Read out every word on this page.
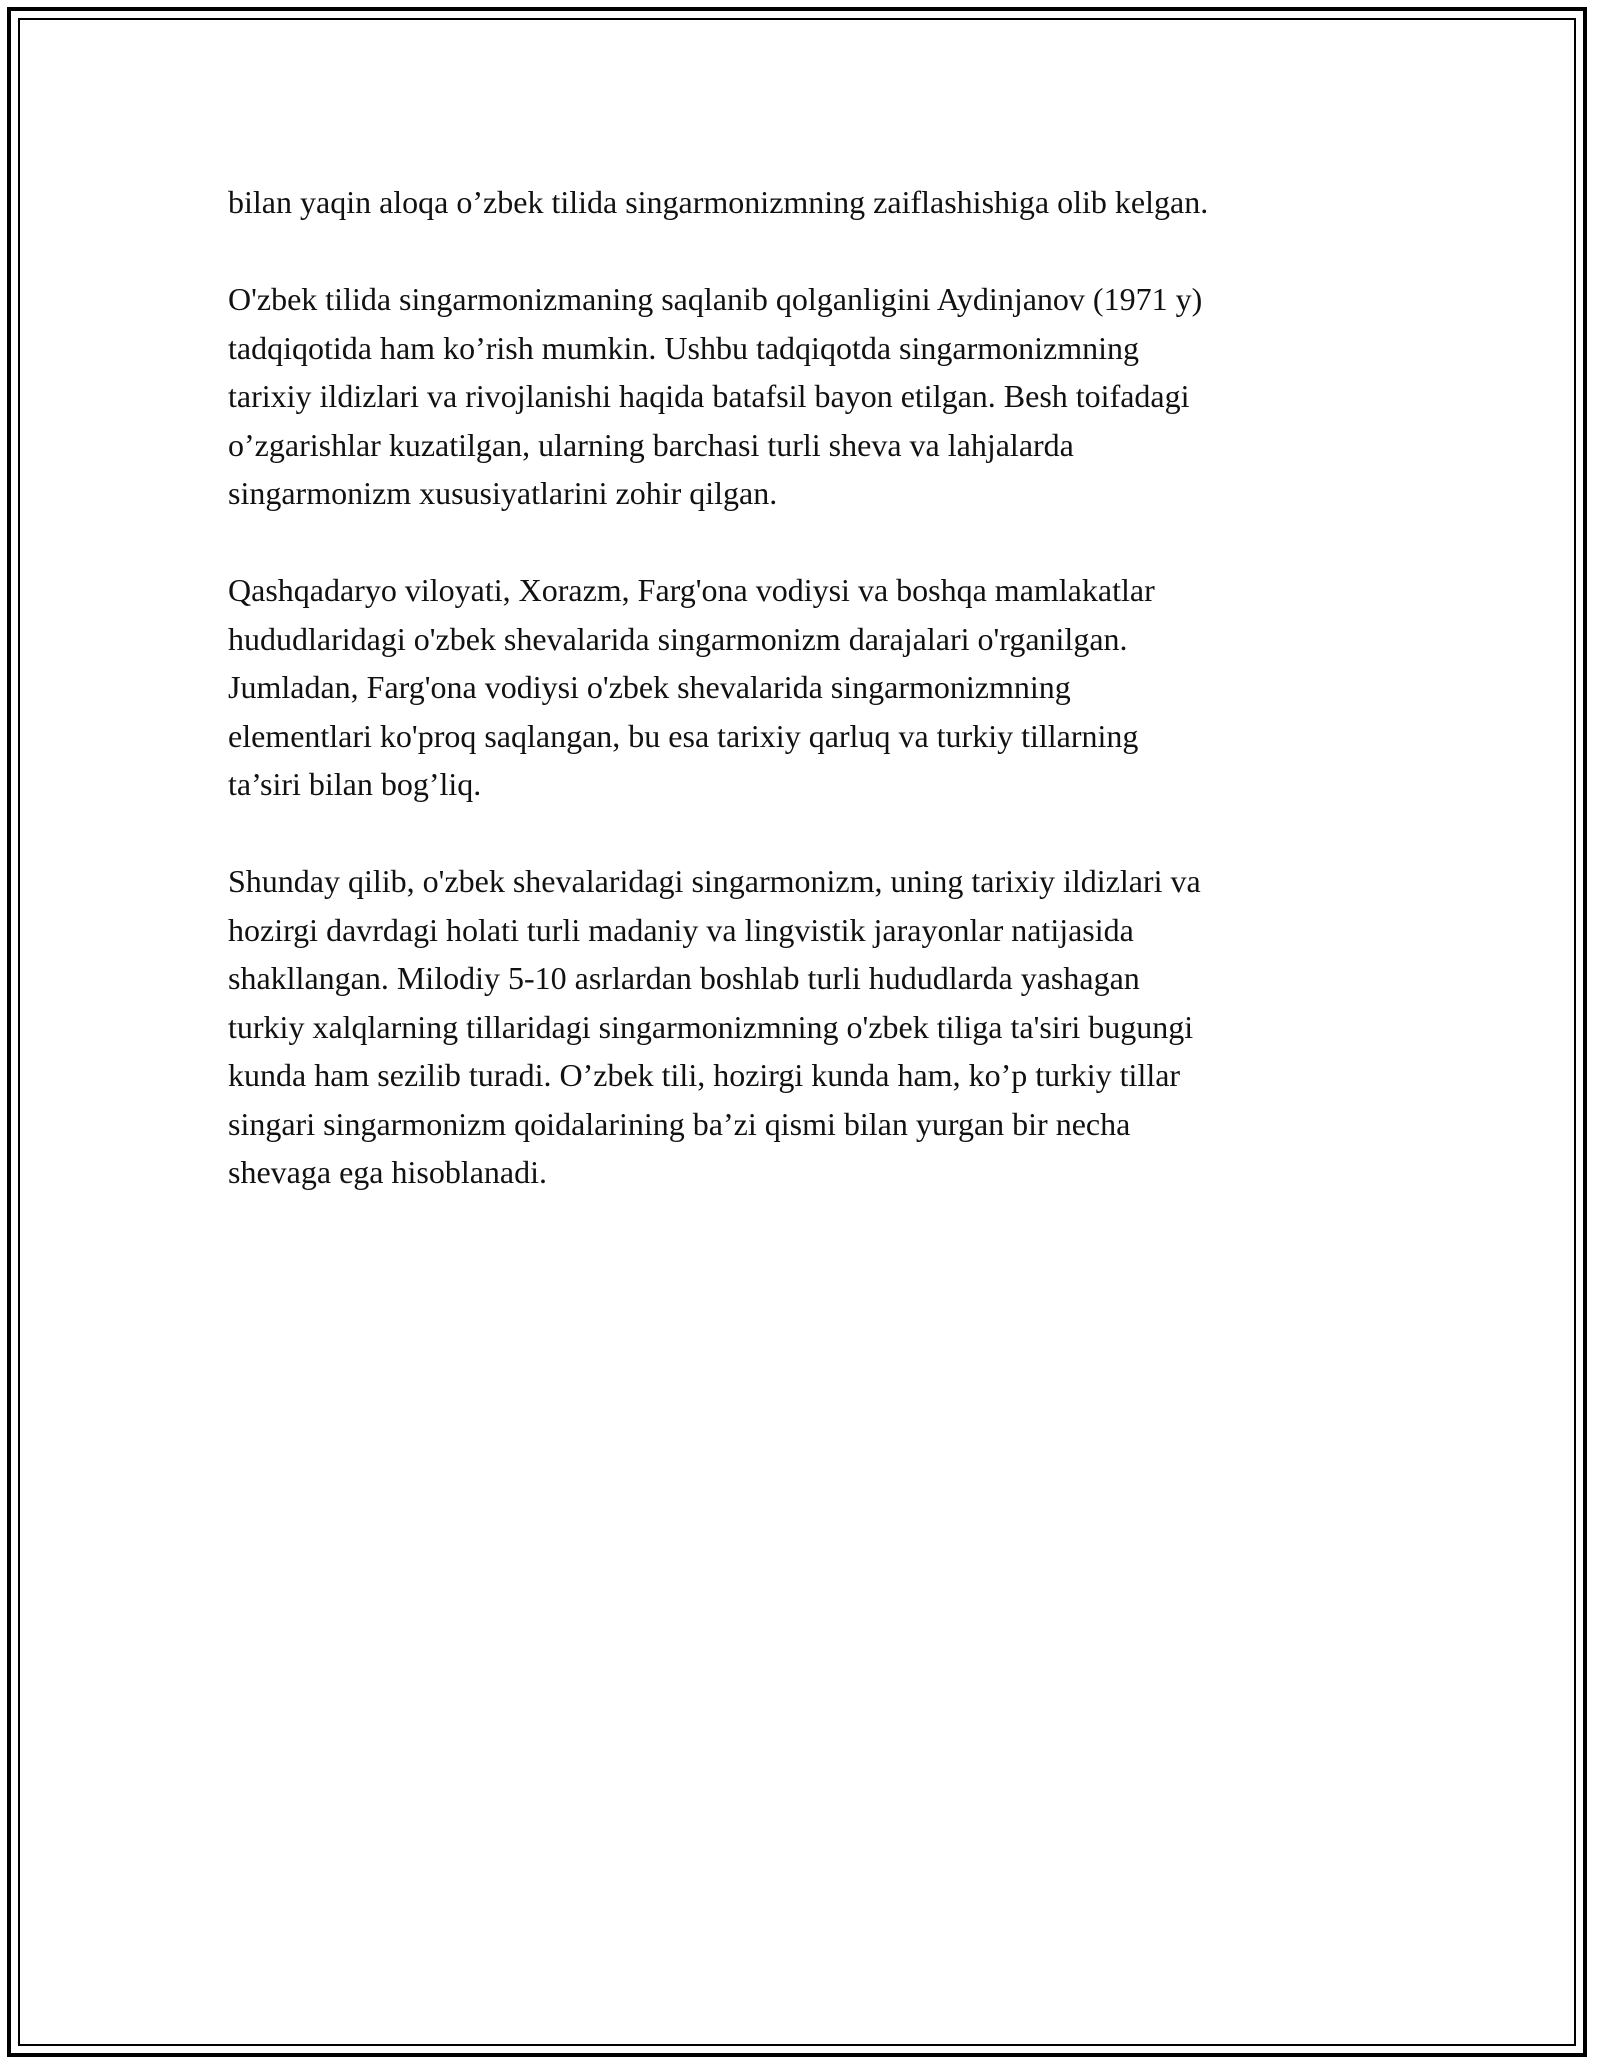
bilan yaqin aloqa o’zbek tilida singarmonizmning zaiflashishiga olib kelgan.

O'zbek tilida singarmonizmaning saqlanib qolganligini Aydinjanov (1971 y)
tadqiqotida ham ko’rish mumkin. Ushbu tadqiqotda singarmonizmning
tarixiy ildizlari va rivojlanishi haqida batafsil bayon etilgan. Besh toifadagi
o’zgarishlar kuzatilgan, ularning barchasi turli sheva va lahjalarda
singarmonizm xususiyatlarini zohir qilgan.

Qashqadaryo viloyati, Xorazm, Farg'ona vodiysi va boshqa mamlakatlar
hududlaridagi o'zbek shevalarida singarmonizm darajalari o'rganilgan.
Jumladan, Farg'ona vodiysi o'zbek shevalarida singarmonizmning
elementlari ko'proq saqlangan, bu esa tarixiy qarluq va turkiy tillarning
ta’siri bilan bog’liq.

Shunday qilib, o'zbek shevalaridagi singarmonizm, uning tarixiy ildizlari va
hozirgi davrdagi holati turli madaniy va lingvistik jarayonlar natijasida
shakllangan. Milodiy 5-10 asrlardan boshlab turli hududlarda yashagan
turkiy xalqlarning tillaridagi singarmonizmning o'zbek tiliga ta'siri bugungi
kunda ham sezilib turadi. O’zbek tili, hozirgi kunda ham, ko’p turkiy tillar
singari singarmonizm qoidalarining ba’zi qismi bilan yurgan bir necha
shevaga ega hisoblanadi.
